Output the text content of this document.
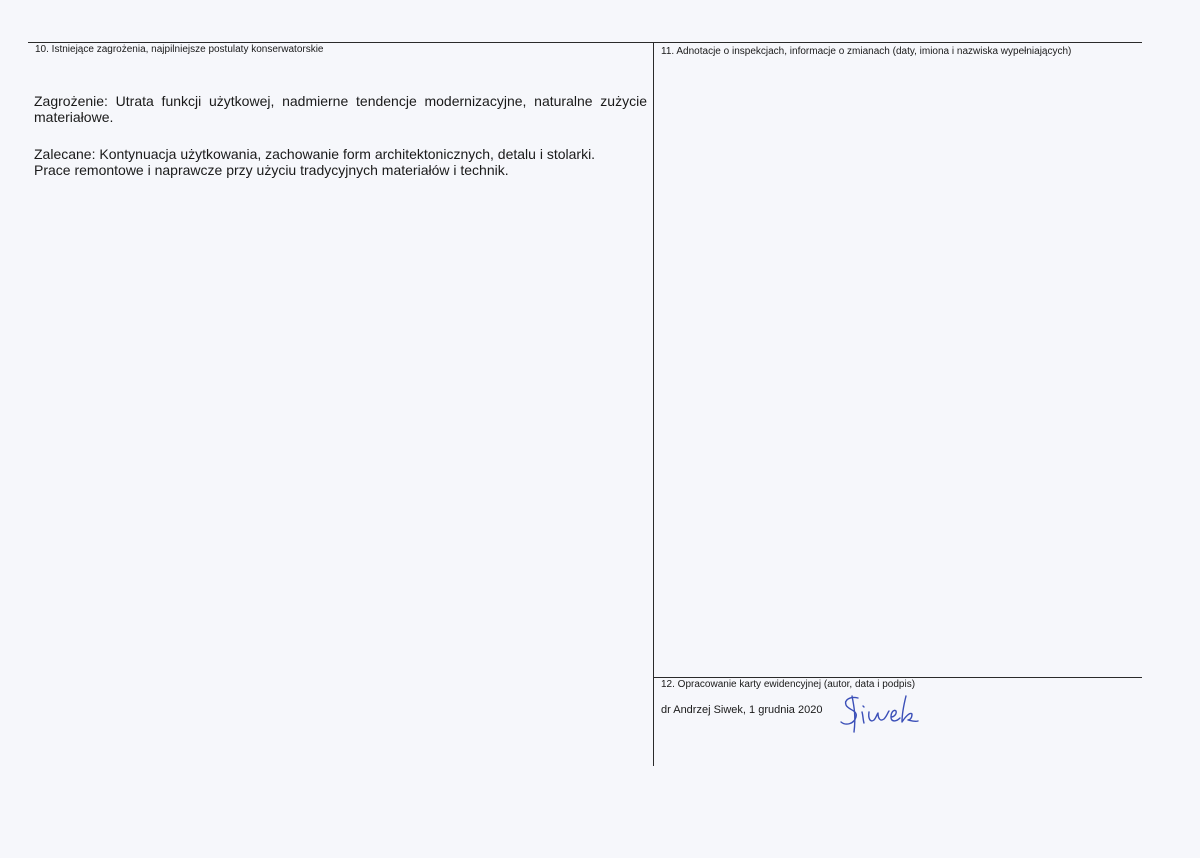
10. Istniejące zagrożenia, najpilniejsze postulaty konserwatorskie
Zagrożenie: Utrata funkcji użytkowej, nadmierne tendencje modernizacyjne, naturalne zużycie materiałowe.
Zalecane: Kontynuacja użytkowania, zachowanie form architektonicznych, detalu i stolarki.
Prace remontowe i naprawcze przy użyciu tradycyjnych materiałów i technik.
11. Adnotacje o inspekcjach, informacje o zmianach (daty, imiona i nazwiska wypełniających)
12. Opracowanie karty ewidencyjnej (autor, data i podpis)
dr Andrzej Siwek, 1 grudnia 2020
